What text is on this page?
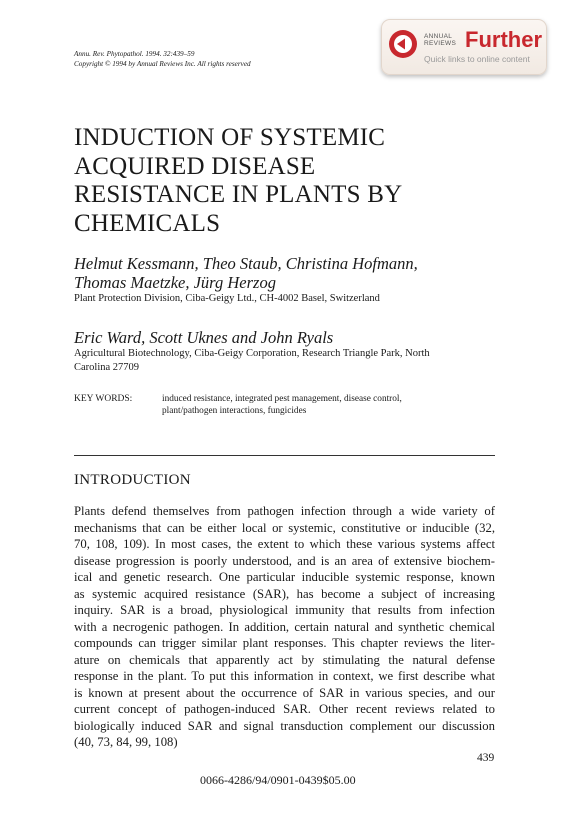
Annu. Rev. Phytopathol. 1994. 32:439–59
Copyright © 1994 by Annual Reviews Inc. All rights reserved
ANNUAL
REVIEWS Further
Quick links to online content
INDUCTION OF SYSTEMIC
ACQUIRED DISEASE
RESISTANCE IN PLANTS BY
CHEMICALS
Helmut Kessmann, Theo Staub, Christina Hofmann,
Thomas Maetzke, Jürg Herzog
Plant Protection Division, Ciba-Geigy Ltd., CH-4002 Basel, Switzerland
Eric Ward, Scott Uknes and John Ryals
Agricultural Biotechnology, Ciba-Geigy Corporation, Research Triangle Park, North
Carolina 27709
KEY WORDS:	induced resistance, integrated pest management, disease control,
plant/pathogen interactions, fungicides
INTRODUCTION
Plants defend themselves from pathogen infection through a wide variety of
mechanisms that can be either local or systemic, constitutive or inducible (32,
70, 108, 109). In most cases, the extent to which these various systems affect
disease progression is poorly understood, and is an area of extensive biochem-
ical and genetic research. One particular inducible systemic response, known
as systemic acquired resistance (SAR), has become a subject of increasing
inquiry. SAR is a broad, physiological immunity that results from infection
with a necrogenic pathogen. In addition, certain natural and synthetic chemical
compounds can trigger similar plant responses. This chapter reviews the liter-
ature on chemicals that apparently act by stimulating the natural defense
response in the plant. To put this information in context, we first describe what
is known at present about the occurrence of SAR in various species, and our
current concept of pathogen-induced SAR. Other recent reviews related to
biologically induced SAR and signal transduction complement our discussion
(40, 73, 84, 99, 108)
439
0066-4286/94/0901-0439$05.00
